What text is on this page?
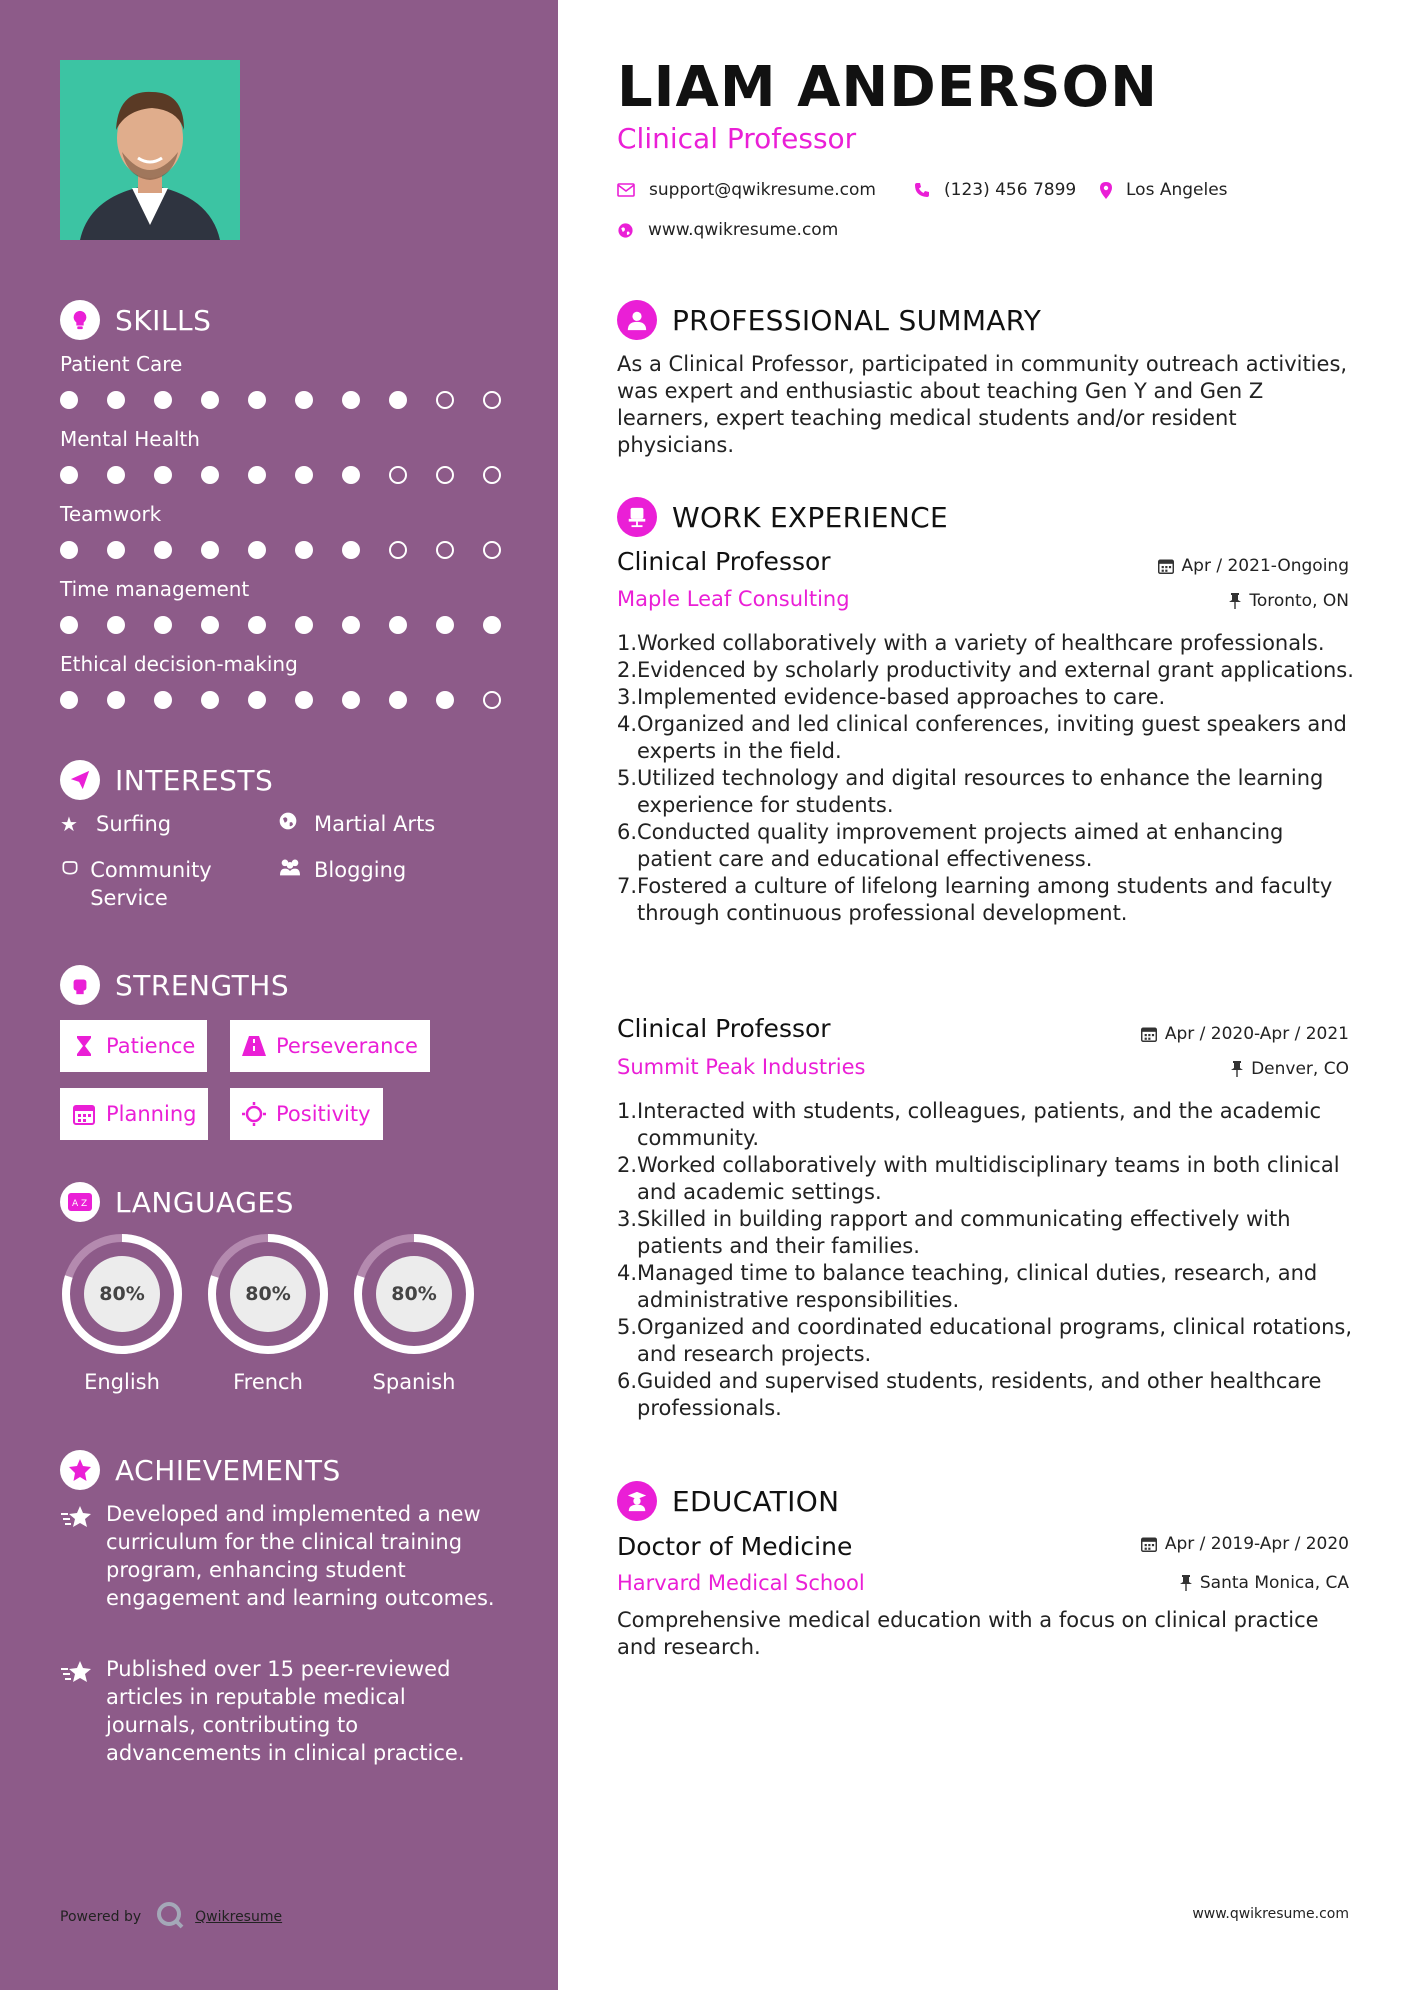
SKILLS
Patient Care
Mental Health
Teamwork
Time management
Ethical decision-making
INTERESTS
★ Surfing	Martial Arts
Community Service
Blogging
STRENGTHS
Patience	Perseverance
Planning	Positivity
A Z LANGUAGES
80%
English
80%
French
80%
Spanish
ACHIEVEMENTS
Developed and implemented a new curriculum for the clinical training program, enhancing student engagement and learning outcomes.
Published over 15 peer-reviewed articles in reputable medical journals, contributing to advancements in clinical practice.
Powered by	Qwikresume
LIAM ANDERSON
Clinical Professor
support@qwikresume.com	(123) 456 7899	Los Angeles
www.qwikresume.com
PROFESSIONAL SUMMARY
As a Clinical Professor, participated in community outreach activities, was expert and enthusiastic about teaching Gen Y and Gen Z learners, expert teaching medical students and/or resident physicians.
WORK EXPERIENCE
Clinical Professor	Apr / 2021-Ongoing
Maple Leaf Consulting	Toronto, ON
1 . Worked collaboratively with a variety of healthcare professionals.
2 . Evidenced by scholarly productivity and external grant applications.
3 . Implemented evidence-based approaches to care.
4 . Organized and led clinical conferences, inviting guest speakers and experts in the field.
5 . Utilized technology and digital resources to enhance the learning experience for students.
6 . Conducted quality improvement projects aimed at enhancing patient care and educational effectiveness.
7 . Fostered a culture of lifelong learning among students and faculty through continuous professional development.
Clinical Professor	Apr / 2020-Apr / 2021
Summit Peak Industries	Denver, CO
1 . Interacted with students, colleagues, patients, and the academic community.
2 . Worked collaboratively with multidisciplinary teams in both clinical and academic settings.
3 . Skilled in building rapport and communicating effectively with patients and their families.
4 . Managed time to balance teaching, clinical duties, research, and administrative responsibilities.
5 . Organized and coordinated educational programs, clinical rotations, and research projects.
6 . Guided and supervised students, residents, and other healthcare professionals.
EDUCATION
Doctor of Medicine	Apr / 2019-Apr / 2020
Harvard Medical School	Santa Monica, CA
Comprehensive medical education with a focus on clinical practice and research.
www.qwikresume.com
